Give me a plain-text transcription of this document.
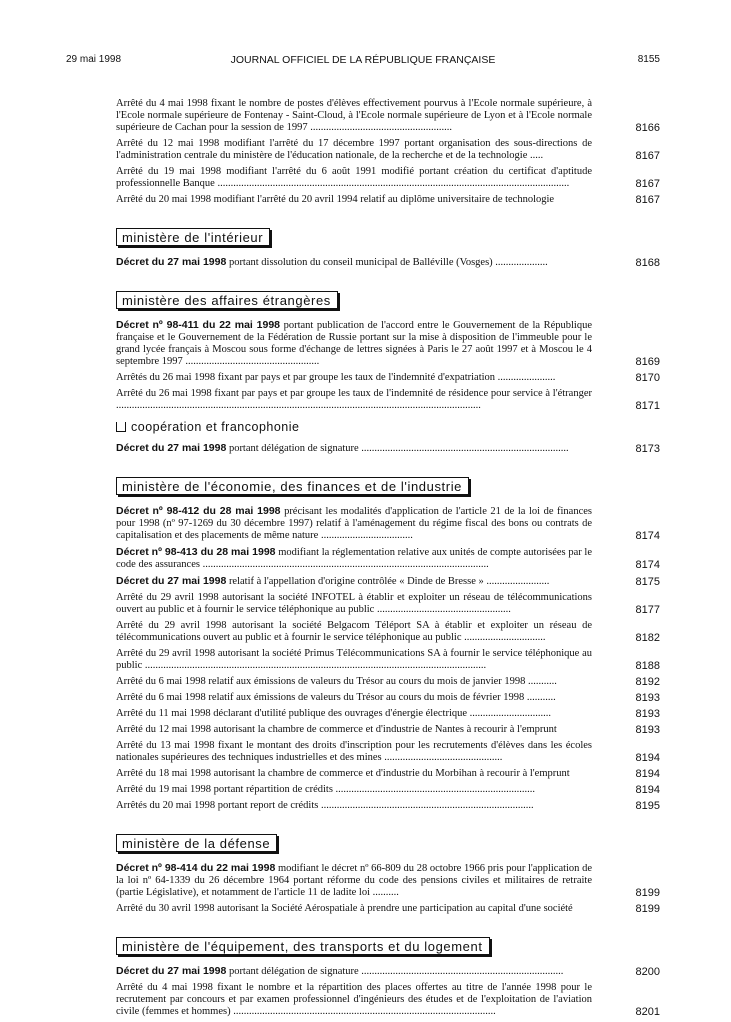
29 mai 1998	JOURNAL OFFICIEL DE LA RÉPUBLIQUE FRANÇAISE	8155
Arrêté du 4 mai 1998 fixant le nombre de postes d'élèves effectivement pourvus à l'Ecole normale supérieure, à l'Ecole normale supérieure de Fontenay - Saint-Cloud, à l'Ecole normale supérieure de Lyon et à l'Ecole normale supérieure de Cachan pour la session de 1997 ......................................................	8166
Arrêté du 12 mai 1998 modifiant l'arrêté du 17 décembre 1997 portant organisation des sous-directions de l'administration centrale du ministère de l'éducation nationale, de la recherche et de la technologie .....	8167
Arrêté du 19 mai 1998 modifiant l'arrêté du 6 août 1991 modifié portant création du certificat d'aptitude professionnelle Banque ......................................................................................................................................	8167
Arrêté du 20 mai 1998 modifiant l'arrêté du 20 avril 1994 relatif au diplôme universitaire de technologie	8167
ministère de l'intérieur
Décret du 27 mai 1998 portant dissolution du conseil municipal de Balléville (Vosges) ....................	8168
ministère des affaires étrangères
Décret nº 98-411 du 22 mai 1998 portant publication de l'accord entre le Gouvernement de la République française et le Gouvernement de la Fédération de Russie portant sur la mise à disposition de l'immeuble pour le grand lycée français à Moscou sous forme d'échange de lettres signées à Paris le 27 août 1997 et à Moscou le 4 septembre 1997 ...................................................	8169
Arrêtés du 26 mai 1998 fixant par pays et par groupe les taux de l'indemnité d'expatriation ......................	8170
Arrêté du 26 mai 1998 fixant par pays et par groupe les taux de l'indemnité de résidence pour service à l'étranger ...........................................................................................................................................	8171
coopération et francophonie
Décret du 27 mai 1998 portant délégation de signature ...............................................................................	8173
ministère de l'économie, des finances et de l'industrie
Décret nº 98-412 du 28 mai 1998 précisant les modalités d'application de l'article 21 de la loi de finances pour 1998 (nº 97-1269 du 30 décembre 1997) relatif à l'aménagement du régime fiscal des bons ou contrats de capitalisation et des placements de même nature ...................................	8174
Décret nº 98-413 du 28 mai 1998 modifiant la réglementation relative aux unités de compte autorisées par le code des assurances .............................................................................................................	8174
Décret du 27 mai 1998 relatif à l'appellation d'origine contrôlée « Dinde de Bresse » ........................	8175
Arrêté du 29 avril 1998 autorisant la société INFOTEL à établir et exploiter un réseau de télécommunications ouvert au public et à fournir le service téléphonique au public ...................................................	8177
Arrêté du 29 avril 1998 autorisant la société Belgacom Téléport SA à établir et exploiter un réseau de télécommunications ouvert au public et à fournir le service téléphonique au public ...............................	8182
Arrêté du 29 avril 1998 autorisant la société Primus Télécommunications SA à fournir le service téléphonique au public ..................................................................................................................................	8188
Arrêté du 6 mai 1998 relatif aux émissions de valeurs du Trésor au cours du mois de janvier 1998 ...........	8192
Arrêté du 6 mai 1998 relatif aux émissions de valeurs du Trésor au cours du mois de février 1998 ...........	8193
Arrêté du 11 mai 1998 déclarant d'utilité publique des ouvrages d'énergie électrique ...............................	8193
Arrêté du 12 mai 1998 autorisant la chambre de commerce et d'industrie de Nantes à recourir à l'emprunt	8193
Arrêté du 13 mai 1998 fixant le montant des droits d'inscription pour les recrutements d'élèves dans les écoles nationales supérieures des techniques industrielles et des mines .............................................	8194
Arrêté du 18 mai 1998 autorisant la chambre de commerce et d'industrie du Morbihan à recourir à l'emprunt	8194
Arrêté du 19 mai 1998 portant répartition de crédits ............................................................................	8194
Arrêtés du 20 mai 1998 portant report de crédits .................................................................................	8195
ministère de la défense
Décret nº 98-414 du 22 mai 1998 modifiant le décret nº 66-809 du 28 octobre 1966 pris pour l'application de la loi nº 64-1339 du 26 décembre 1964 portant réforme du code des pensions civiles et militaires de retraite (partie Législative), et notamment de l'article 11 de ladite loi ..........	8199
Arrêté du 30 avril 1998 autorisant la Société Aérospatiale à prendre une participation au capital d'une société	8199
ministère de l'équipement, des transports et du logement
Décret du 27 mai 1998 portant délégation de signature .............................................................................	8200
Arrêté du 4 mai 1998 fixant le nombre et la répartition des places offertes au titre de l'année 1998 pour le recrutement par concours et par examen professionnel d'ingénieurs des études et de l'exploitation de l'aviation civile (femmes et hommes) ....................................................................................................	8201
